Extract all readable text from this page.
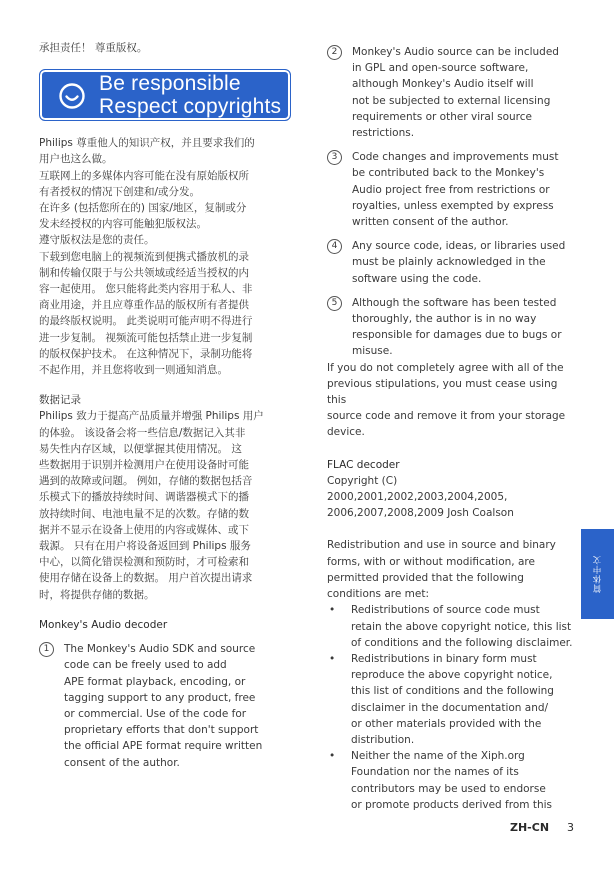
承担责任！ 尊重版权。

Be responsible
Respect copyrights

Philips 尊重他人的知识产权，并且要求我们的

用户也这么做。

互联网上的多媒体内容可能在没有原始版权所

有者授权的情况下创建和/或分发。

在许多 (包括您所在的) 国家/地区，复制或分

发未经授权的内容可能触犯版权法。

遵守版权法是您的责任。

下载到您电脑上的视频流到便携式播放机的录

制和传输仅限于与公共领域或经适当授权的内

容一起使用。 您只能将此类内容用于私人、非

商业用途，并且应尊重作品的版权所有者提供

的最终版权说明。 此类说明可能声明不得进行

进一步复制。 视频流可能包括禁止进一步复制

的版权保护技术。 在这种情况下，录制功能将

不起作用，并且您将收到一则通知消息。

数据记录

Philips 致力于提高产品质量并增强 Philips 用户

的体验。 该设备会将一些信息/数据记入其非

易失性内存区域，以便掌握其使用情况。 这

些数据用于识别并检测用户在使用设备时可能

遇到的故障或问题。 例如，存储的数据包括音

乐模式下的播放持续时间、调谐器模式下的播

放持续时间、电池电量不足的次数。存储的数

据并不显示在设备上使用的内容或媒体、或下

载源。 只有在用户将设备返回到 Philips 服务

中心，以简化错误检测和预防时，才可检索和

使用存储在设备上的数据。 用户首次提出请求

时，将提供存储的数据。

Monkey's Audio decoder

1	The Monkey's Audio SDK and source

code can be freely used to add

APE format playback, encoding, or

tagging support to any product, free

or commercial. Use of the code for

proprietary efforts that don't support

the official APE format require written

consent of the author.

2	Monkey's Audio source can be included

in GPL and open-source software,

although Monkey's Audio itself will

not be subjected to external licensing

requirements or other viral source

restrictions.

3	Code changes and improvements must

be contributed back to the Monkey's

Audio project free from restrictions or

royalties, unless exempted by express

written consent of the author.

4	Any source code, ideas, or libraries used

must be plainly acknowledged in the

software using the code.

5	Although the software has been tested

thoroughly, the author is in no way

responsible for damages due to bugs or

misuse.

If you do not completely agree with all of the

previous stipulations, you must cease using this

source code and remove it from your storage

device.

FLAC decoder

Copyright (C) 2000,2001,2002,2003,2004,2005,

2006,2007,2008,2009 Josh Coalson

Redistribution and use in source and binary

forms, with or without modification, are

permitted provided that the following

conditions are met:

• Redistributions of source code must

retain the above copyright notice, this list

of conditions and the following disclaimer.

• Redistributions in binary form must

reproduce the above copyright notice,

this list of conditions and the following

disclaimer in the documentation and/

or other materials provided with the

distribution.

• Neither the name of the Xiph.org

Foundation nor the names of its

contributors may be used to endorse

or promote products derived from this

简体中文
ZH-CN 3
